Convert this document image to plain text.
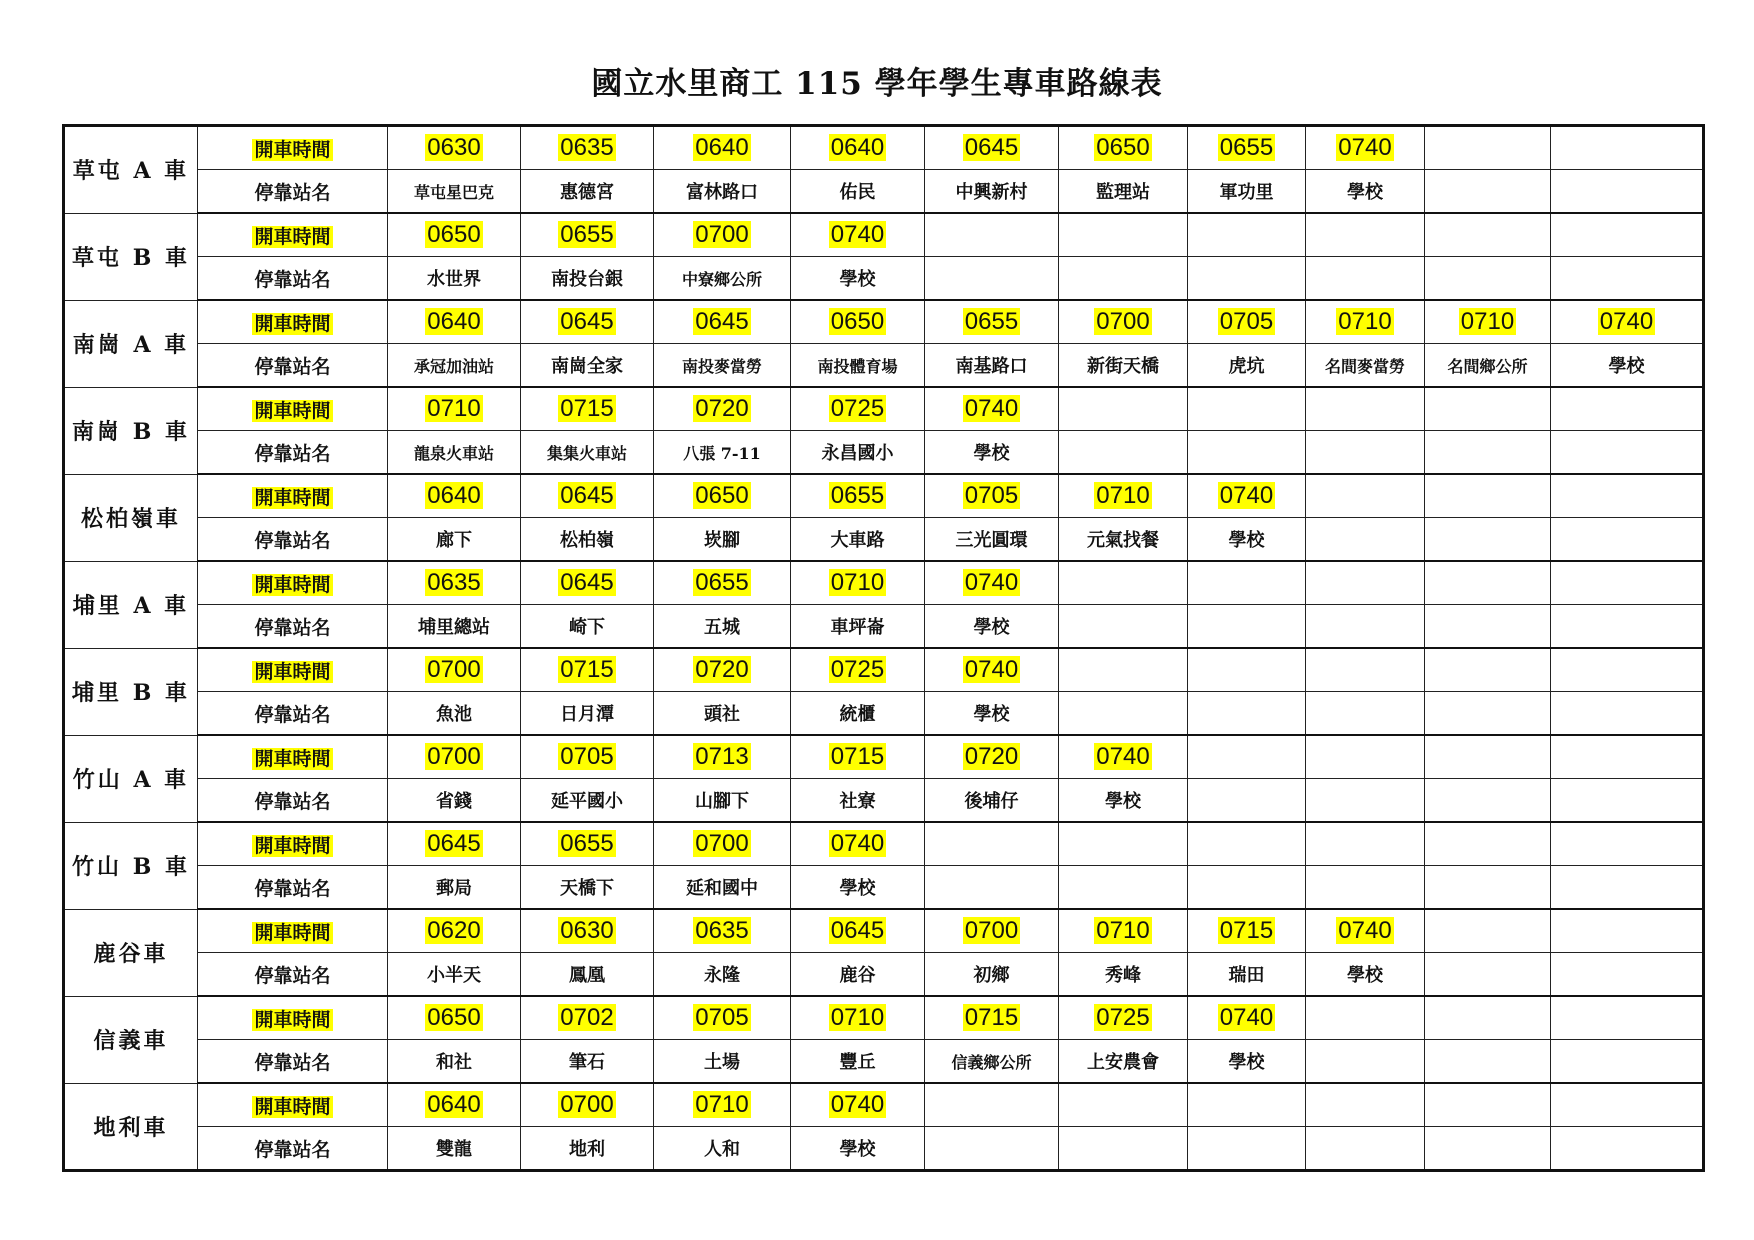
國立水里商工 115 學年學生專車路線表
草屯 A 車	開車時間	0630	0635	0640	0640	0645	0650	0655	0740		
	停靠站名	草屯星巴克	惠德宮	富林路口	佑民	中興新村	監理站	軍功里	學校		
草屯 B 車	開車時間	0650	0655	0700	0740						
	停靠站名	水世界	南投台銀	中寮鄉公所	學校						
南崗 A 車	開車時間	0640	0645	0645	0650	0655	0700	0705	0710	0710	0740
	停靠站名	承冠加油站	南崗全家	南投麥當勞	南投體育場	南基路口	新街天橋	虎坑	名間麥當勞	名間鄉公所	學校
南崗 B 車	開車時間	0710	0715	0720	0725	0740					
	停靠站名	龍泉火車站	集集火車站	八張 7-11	永昌國小	學校					
松柏嶺車	開車時間	0640	0645	0650	0655	0705	0710	0740			
	停靠站名	廊下	松柏嶺	崁腳	大車路	三光圓環	元氣找餐	學校			
埔里 A 車	開車時間	0635	0645	0655	0710	0740					
	停靠站名	埔里總站	崎下	五城	車坪崙	學校					
埔里 B 車	開車時間	0700	0715	0720	0725	0740					
	停靠站名	魚池	日月潭	頭社	統櫃	學校					
竹山 A 車	開車時間	0700	0705	0713	0715	0720	0740				
	停靠站名	省錢	延平國小	山腳下	社寮	後埔仔	學校				
竹山 B 車	開車時間	0645	0655	0700	0740						
	停靠站名	郵局	天橋下	延和國中	學校						
鹿谷車	開車時間	0620	0630	0635	0645	0700	0710	0715	0740		
	停靠站名	小半天	鳳凰	永隆	鹿谷	初鄉	秀峰	瑞田	學校		
信義車	開車時間	0650	0702	0705	0710	0715	0725	0740			
	停靠站名	和社	筆石	土場	豐丘	信義鄉公所	上安農會	學校			
地利車	開車時間	0640	0700	0710	0740						
	停靠站名	雙龍	地利	人和	學校						
